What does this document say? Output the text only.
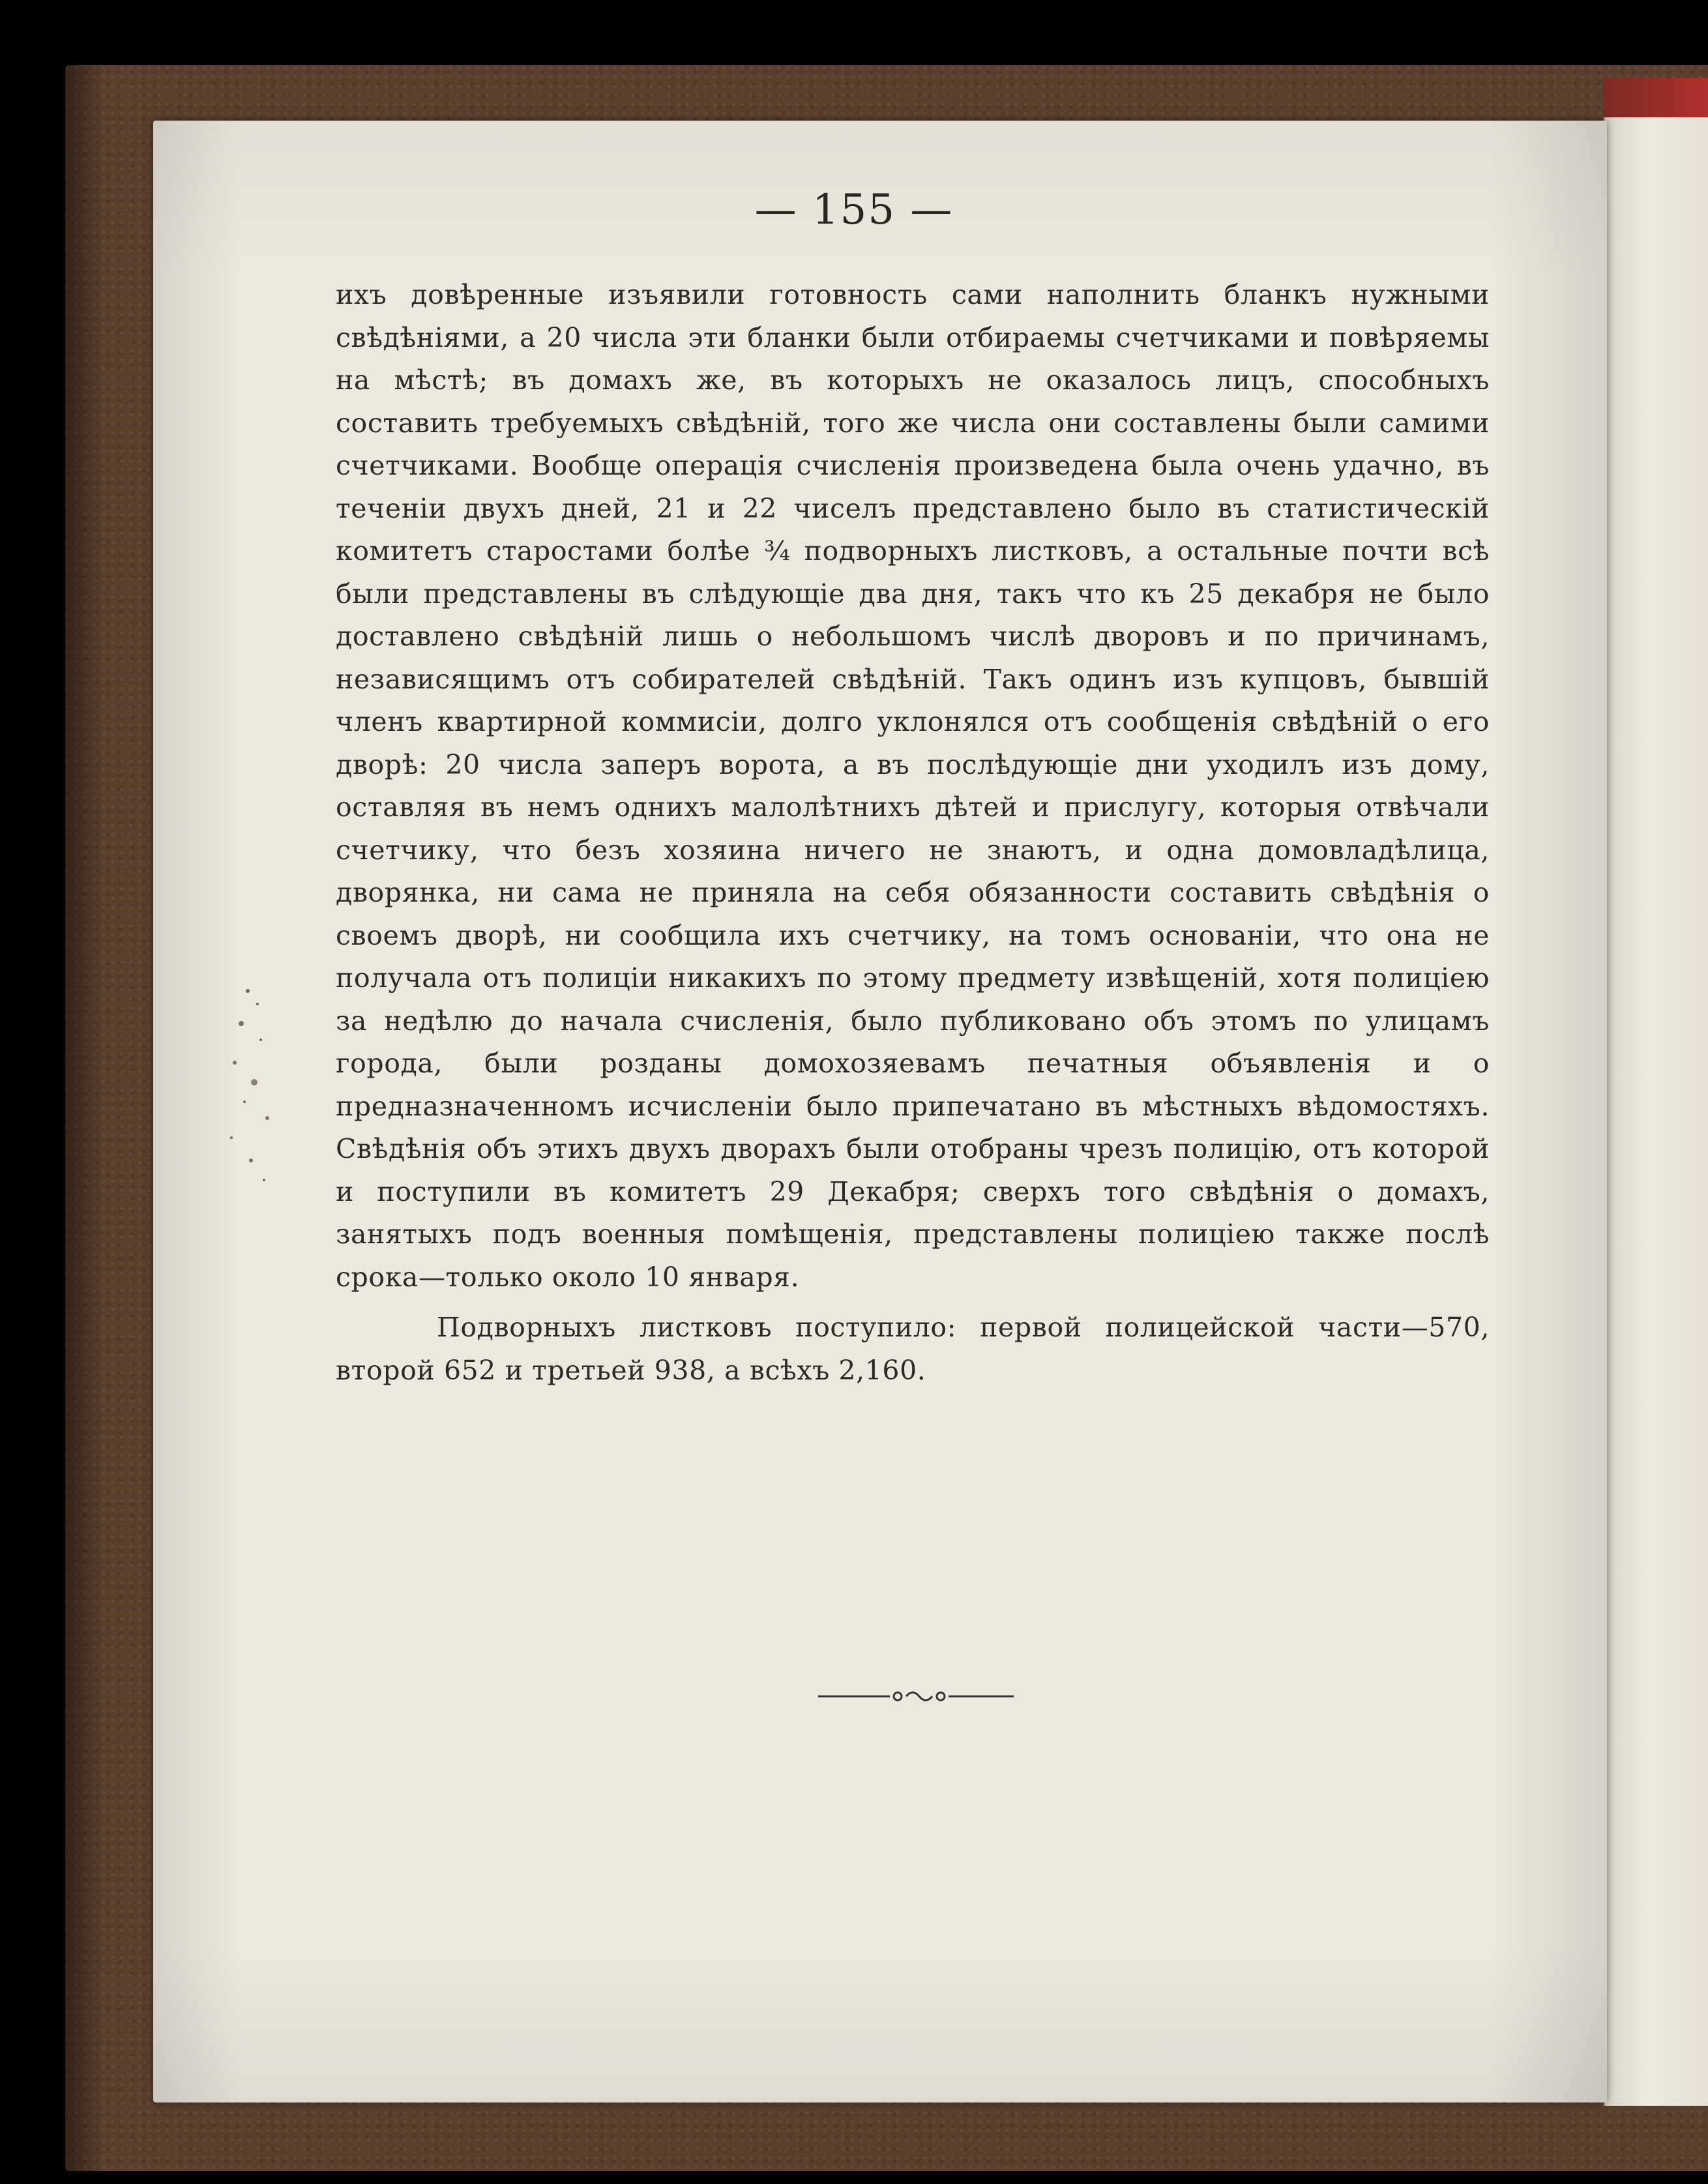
— 155 —

ихъ довѣренные изъявили готовность сами наполнить бланкъ нужными свѣдѣніями, а 20 числа эти бланки были отбираемы счетчиками и повѣряемы на мѣстѣ; въ домахъ же, въ которыхъ не оказалось лицъ, способныхъ составить требуемыхъ свѣдѣній, того же числа они составлены были самими счетчиками. Вообще операція счисленія произведена была очень удачно, въ теченіи двухъ дней, 21 и 22 чиселъ представлено было въ статистическій комитетъ старостами болѣе ¾ подворныхъ листковъ, а остальные почти всѣ были представлены въ слѣдующіе два дня, такъ что къ 25 декабря не было доставлено свѣдѣній лишь о небольшомъ числѣ дворовъ и по причинамъ, независящимъ отъ собирателей свѣдѣній. Такъ одинъ изъ купцовъ, бывшій членъ квартирной коммисіи, долго уклонялся отъ сообщенія свѣдѣній о его дворѣ: 20 числа заперъ ворота, а въ послѣдующіе дни уходилъ изъ дому, оставляя въ немъ однихъ малолѣтнихъ дѣтей и прислугу, которыя отвѣчали счетчику, что безъ хозяина ничего не знаютъ, и одна домовладѣлица, дворянка, ни сама не приняла на себя обязанности составить свѣдѣнія о своемъ дворѣ, ни сообщила ихъ счетчику, на томъ основаніи, что она не получала отъ полиціи никакихъ по этому предмету извѣщеній, хотя полиціею за недѣлю до начала счисленія, было публиковано объ этомъ по улицамъ города, были розданы домохозяевамъ печатныя объявленія и о предназначенномъ исчисленіи было припечатано въ мѣстныхъ вѣдомостяхъ. Свѣдѣнія объ этихъ двухъ дворахъ были отобраны чрезъ полицію, отъ которой и поступили въ комитетъ 29 Декабря; сверхъ того свѣдѣнія о домахъ, занятыхъ подъ военныя помѣщенія, представлены полиціею также послѣ срока—только около 10 января.

Подворныхъ листковъ поступило: первой полицейской части—570, второй 652 и третьей 938, а всѣхъ 2,160.
